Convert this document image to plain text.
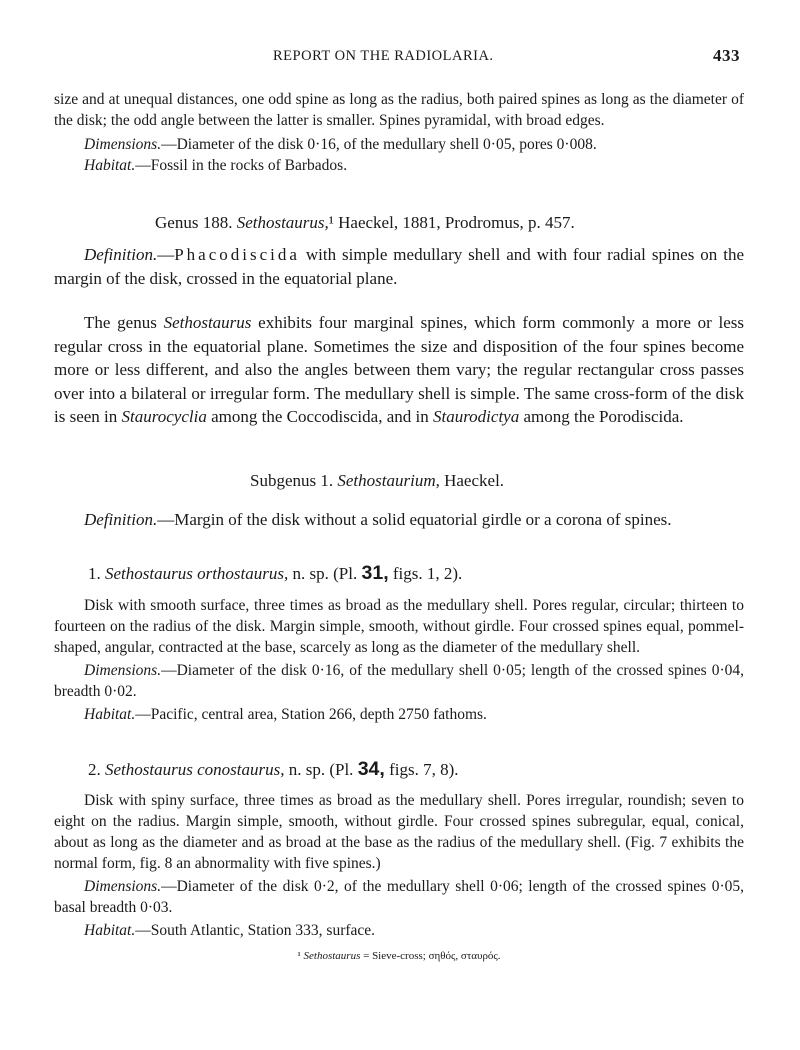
REPORT ON THE RADIOLARIA.	433
size and at unequal distances, one odd spine as long as the radius, both paired spines as long as the diameter of the disk; the odd angle between the latter is smaller. Spines pyramidal, with broad edges.
Dimensions.—Diameter of the disk 0·16, of the medullary shell 0·05, pores 0·008.
Habitat.—Fossil in the rocks of Barbados.
Genus 188. Sethostaurus,¹ Haeckel, 1881, Prodromus, p. 457.
Definition.—Phacodiscida with simple medullary shell and with four radial spines on the margin of the disk, crossed in the equatorial plane.
The genus Sethostaurus exhibits four marginal spines, which form commonly a more or less regular cross in the equatorial plane. Sometimes the size and disposition of the four spines become more or less different, and also the angles between them vary; the regular rectangular cross passes over into a bilateral or irregular form. The medullary shell is simple. The same cross-form of the disk is seen in Staurocyclia among the Coccodiscida, and in Staurodictya among the Porodiscida.
Subgenus 1. Sethostaurium, Haeckel.
Definition.—Margin of the disk without a solid equatorial girdle or a corona of spines.
1. Sethostaurus orthostaurus, n. sp. (Pl. 31, figs. 1, 2).
Disk with smooth surface, three times as broad as the medullary shell. Pores regular, circular; thirteen to fourteen on the radius of the disk. Margin simple, smooth, without girdle. Four crossed spines equal, pommel-shaped, angular, contracted at the base, scarcely as long as the diameter of the medullary shell.
Dimensions.—Diameter of the disk 0·16, of the medullary shell 0·05; length of the crossed spines 0·04, breadth 0·02.
Habitat.—Pacific, central area, Station 266, depth 2750 fathoms.
2. Sethostaurus conostaurus, n. sp. (Pl. 34, figs. 7, 8).
Disk with spiny surface, three times as broad as the medullary shell. Pores irregular, roundish; seven to eight on the radius. Margin simple, smooth, without girdle. Four crossed spines subregular, equal, conical, about as long as the diameter and as broad at the base as the radius of the medullary shell. (Fig. 7 exhibits the normal form, fig. 8 an abnormality with five spines.)
Dimensions.—Diameter of the disk 0·2, of the medullary shell 0·06; length of the crossed spines 0·05, basal breadth 0·03.
Habitat.—South Atlantic, Station 333, surface.
¹ Sethostaurus = Sieve-cross; σηθός, σταυρός.
